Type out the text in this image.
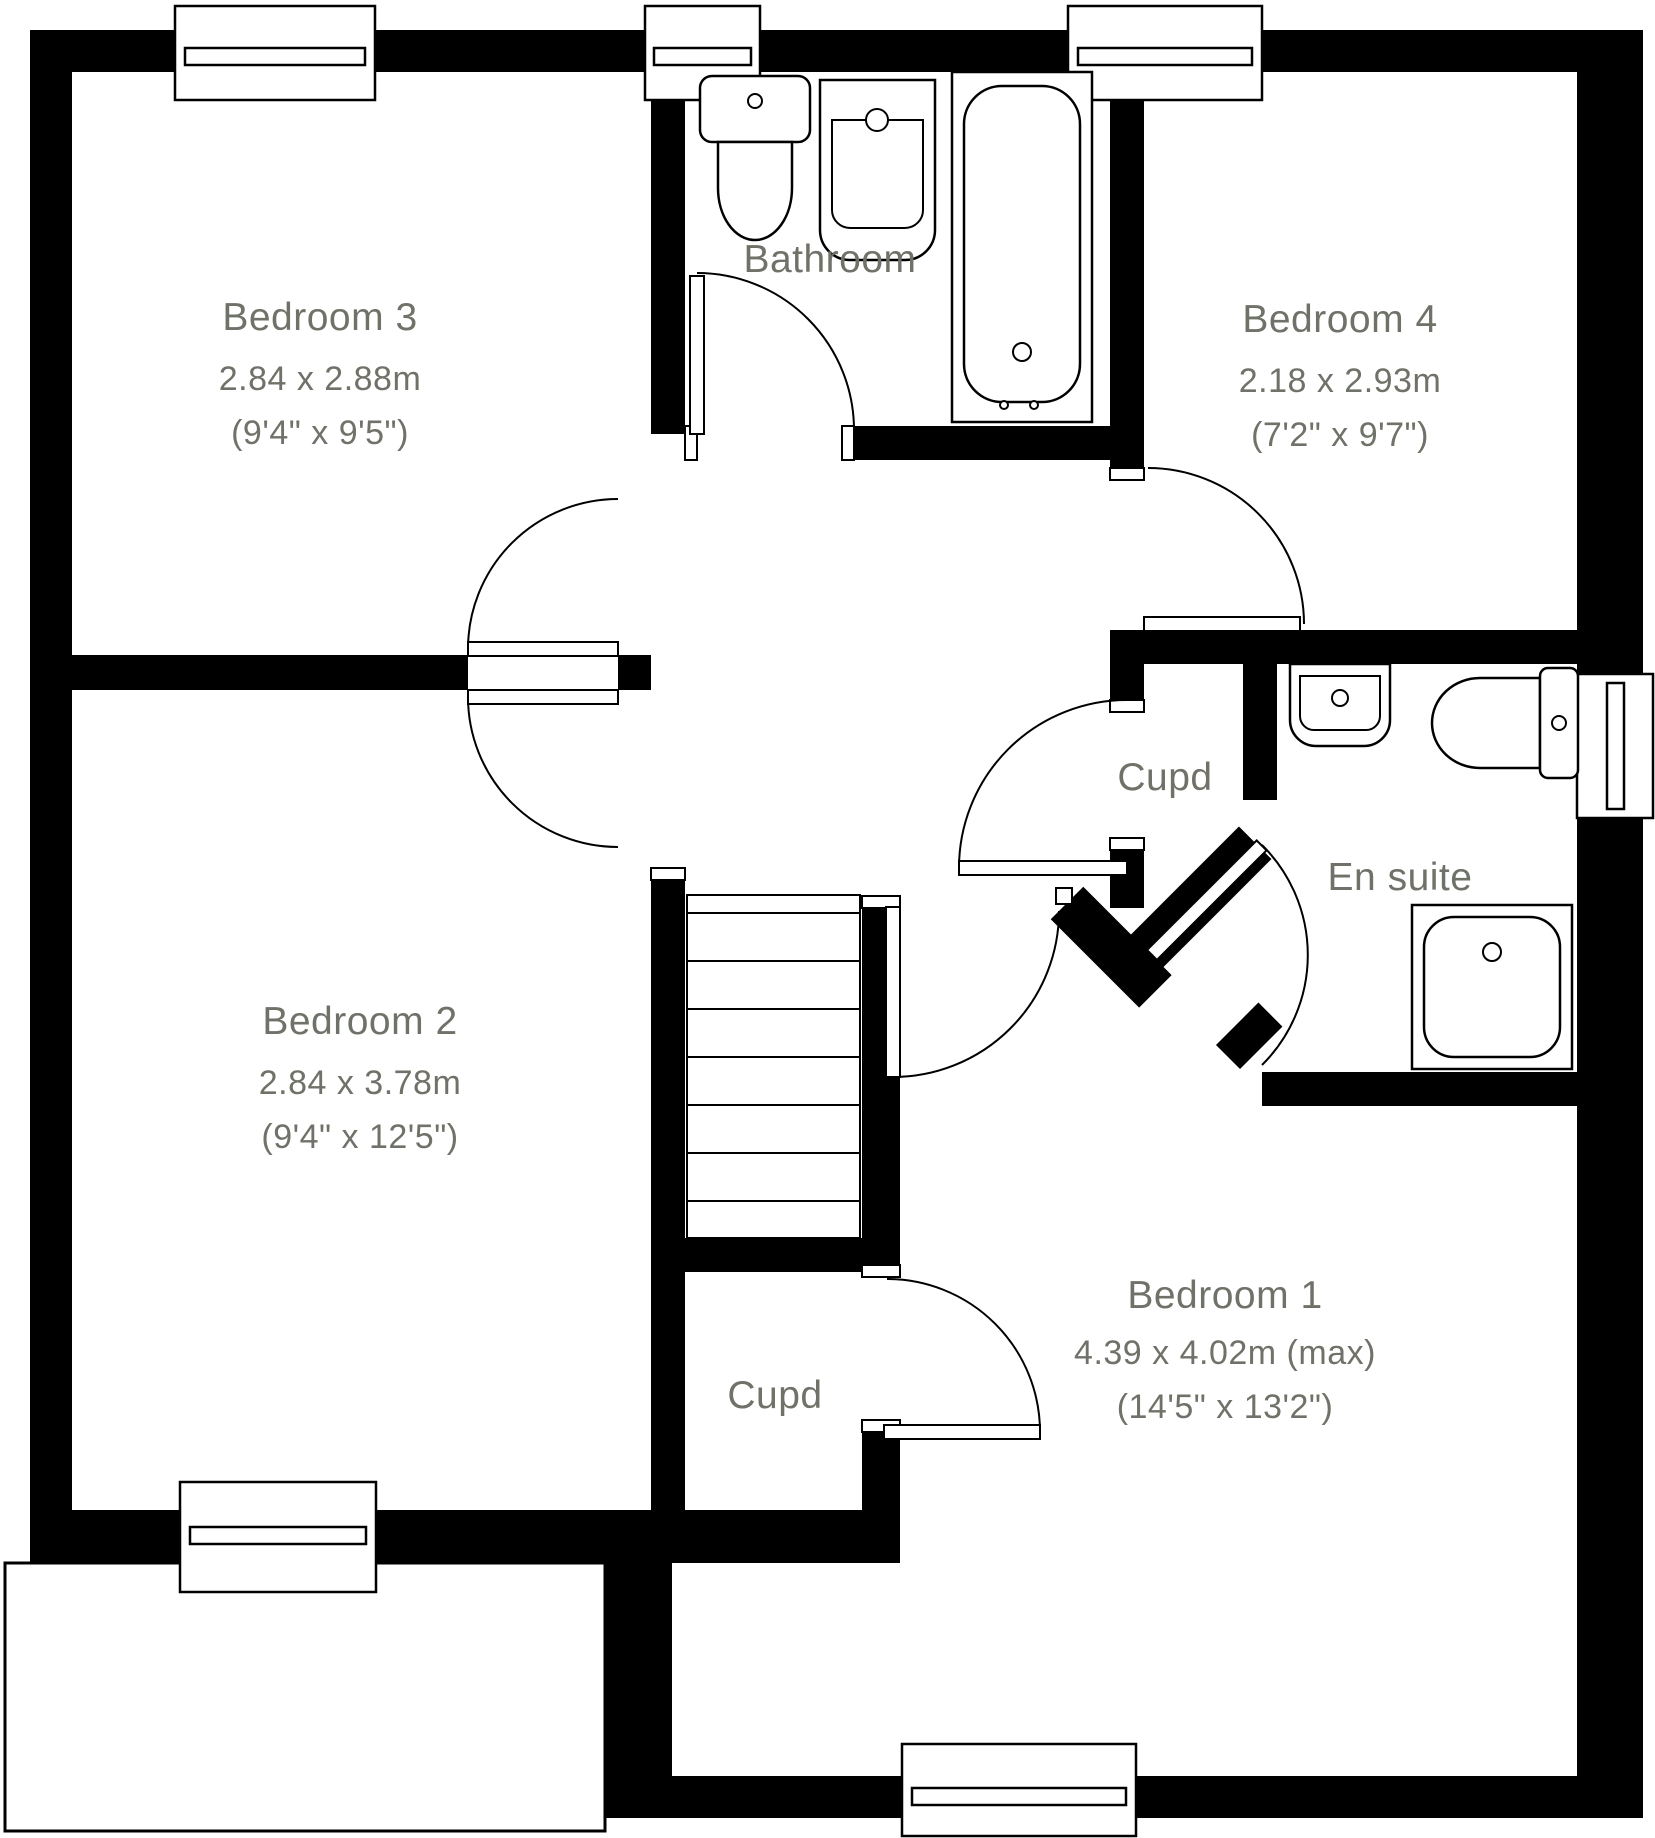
Bedroom 3
2.84 x 2.88m
(9'4" x 9'5")
Bathroom
Bedroom 4
2.18 x 2.93m
(7'2" x 9'7")
Cupd
En suite
Bedroom 2
2.84 x 3.78m
(9'4" x 12'5")
Cupd
Bedroom 1
4.39 x 4.02m (max)
(14'5" x 13'2")
